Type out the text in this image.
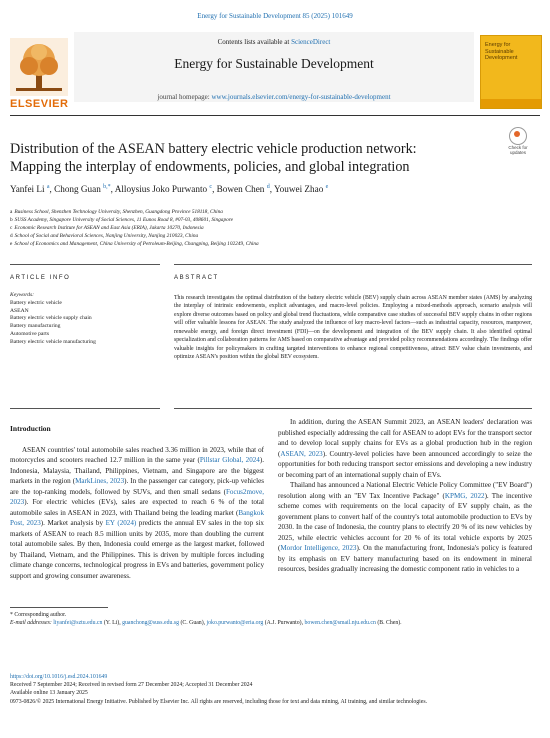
Energy for Sustainable Development 85 (2025) 101649
ELSEVIER
Contents lists available at ScienceDirect
Energy for Sustainable Development
journal homepage: www.journals.elsevier.com/energy-for-sustainable-development
Energy for Sustainable Development
Check for updates
Distribution of the ASEAN battery electric vehicle production network:
Mapping the interplay of endowments, policies, and global integration
Yanfei Li $^a$, Chong Guan $^{b,*}$, Alloysius Joko Purwanto $^c$, Bowen Chen $^d$, Youwei Zhao $^e$
a Business School, Shenzhen Technology University, Shenzhen, Guangdong Province 518118, China
b SUSS Academy, Singapore University of Social Sciences, 11 Eunos Road 8, #07-03, 408601, Singapore
c Economic Research Institute for ASEAN and East Asia (ERIA), Jakarta 10270, Indonesia
d School of Social and Behavioral Sciences, Nanjing University, Nanjing 210023, China
e School of Economics and Management, China University of Petroleum-Beijing, Changping, Beijing 102249, China
ARTICLE INFO	ABSTRACT
Keywords:
Battery electric vehicle
ASEAN
Battery electric vehicle supply chain
Battery manufacturing
Automotive parts
Battery electric vehicle manufacturing
This research investigates the optimal distribution of the battery electric vehicle (BEV) supply chain across ASEAN member states (AMS) by analyzing the interplay of intrinsic endowments, explicit advantages, and macro-level policies. Employing a mixed-methods approach, scenario analysis will explore diverse outcomes based on policy and global trend fluctuations, while comparative case studies of successful BEV supply chains in other regions will offer valuable lessons for ASEAN. The study analyzed the influence of key macro-level factors—such as industrial capacity, resources, manpower, renewable energy, and foreign direct investment (FDI)—on the development and integration of the BEV supply chain. It also identified optimal specialization and collaboration patterns for AMS based on comparative advantage and provided policy recommendations accordingly. The findings offer valuable insights for policymakers in crafting targeted interventions to enhance regional competitiveness, attract BEV value chain investments, and optimize ASEAN's position within the global BEV ecosystem.
Introduction

ASEAN countries' total automobile sales reached 3.36 million in 2023, while that of motorcycles and scooters reached 12.7 million in the same year (Pillstar Global, 2024). Indonesia, Malaysia, Thailand, Philippines, Vietnam, and Singapore are the biggest markets in the region (MarkLines, 2023). In the passenger car category, pick-up vehicles are the top-ranking models, followed by SUVs, and then small sedans (Focus2move, 2023). For electric vehicles (EVs), sales are expected to reach 6 % of the total automobile sales in ASEAN in 2023, with Thailand being the leading market (Bangkok Post, 2023). Market analysis by EY (2024) predicts the annual EV sales in the top six markets of ASEAN to reach 8.5 million units by 2035, more than doubling the current total automobile sales. By then, Indonesia could emerge as the largest market, followed by Thailand, Vietnam, and the Philippines. This is driven by multiple forces including climate change concerns, technological progress in EVs and batteries, government policy support and growing consumer awareness.

In addition, during the ASEAN Summit 2023, an ASEAN leaders' declaration was published especially addressing the call for ASEAN to adopt EVs for the transport sector and to develop local supply chains for EVs as a global production hub in the region (ASEAN, 2023). Country-level policies have been announced accordingly to seize the opportunities for both reducing transport sector emissions and developing a new industry or becoming part of an international supply chain of EVs.

Thailand has announced a National Electric Vehicle Policy Committee ("EV Board") resolution along with an "EV Tax Incentive Package" (KPMG, 2022). The incentive scheme comes with requirements on the local capacity of EV supply chain, as the government plans to convert half of the country's total automobile production to EVs by 2030. In the case of Indonesia, the country plans to electrify 20 % of its new vehicles by 2025, while electric vehicles account for 20 % of its total vehicle exports by 2025 (Mordor Intelligence, 2023). On the manufacturing front, Indonesia's policy is featured by its emphasis on EV battery manufacturing based on its endowment in mineral resources, besides gradually increasing the domestic component ratio in vehicles to a

* Corresponding author.
E-mail addresses: liyanfei@sztu.edu.cn (Y. Li), guanchong@suss.edu.sg (C. Guan), joko.purwanto@eria.org (A.J. Purwanto), bowen.chen@smail.nju.edu.cn (B. Chen).
https://doi.org/10.1016/j.esd.2024.101649
Received 7 September 2024; Received in revised form 27 December 2024; Accepted 31 December 2024
Available online 13 January 2025
0973-0826/© 2025 International Energy Initiative. Published by Elsevier Inc. All rights are reserved, including those for text and data mining, AI training, and similar technologies.
